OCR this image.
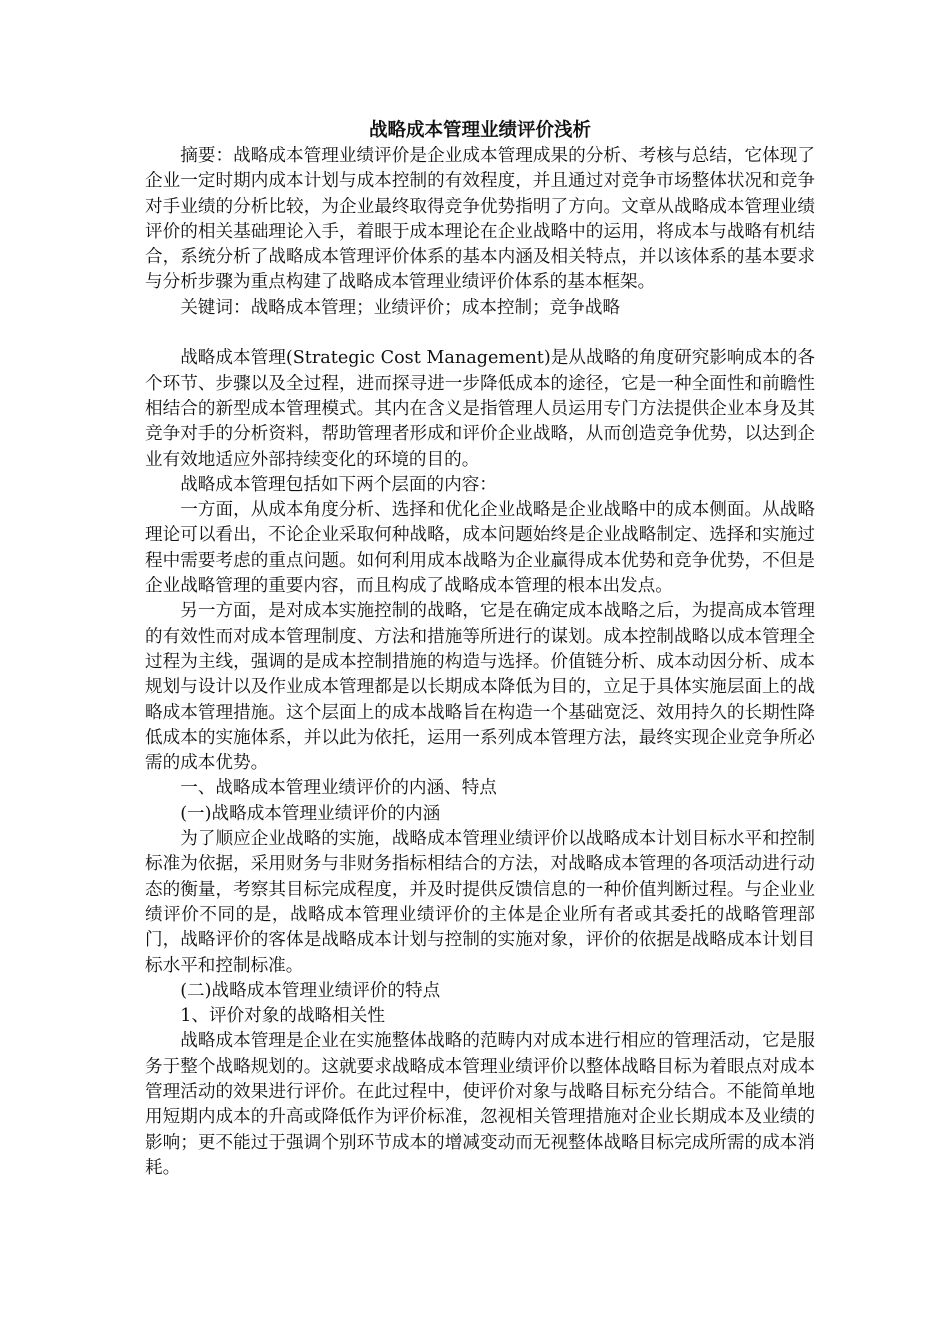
战略成本管理业绩评价浅析

摘要：战略成本管理业绩评价是企业成本管理成果的分析、考核与总结，它体现了企业一定时期内成本计划与成本控制的有效程度，并且通过对竞争市场整体状况和竞争对手业绩的分析比较，为企业最终取得竞争优势指明了方向。文章从战略成本管理业绩评价的相关基础理论入手，着眼于成本理论在企业战略中的运用，将成本与战略有机结合，系统分析了战略成本管理评价体系的基本内涵及相关特点，并以该体系的基本要求与分析步骤为重点构建了战略成本管理业绩评价体系的基本框架。

关键词：战略成本管理；业绩评价；成本控制；竞争战略

战略成本管理(Strategic Cost Management)是从战略的角度研究影响成本的各个环节、步骤以及全过程，进而探寻进一步降低成本的途径，它是一种全面性和前瞻性相结合的新型成本管理模式。其内在含义是指管理人员运用专门方法提供企业本身及其竞争对手的分析资料，帮助管理者形成和评价企业战略，从而创造竞争优势，以达到企业有效地适应外部持续变化的环境的目的。

战略成本管理包括如下两个层面的内容：

一方面，从成本角度分析、选择和优化企业战略是企业战略中的成本侧面。从战略理论可以看出，不论企业采取何种战略，成本问题始终是企业战略制定、选择和实施过程中需要考虑的重点问题。如何利用成本战略为企业赢得成本优势和竞争优势，不但是企业战略管理的重要内容，而且构成了战略成本管理的根本出发点。

另一方面，是对成本实施控制的战略，它是在确定成本战略之后，为提高成本管理的有效性而对成本管理制度、方法和措施等所进行的谋划。成本控制战略以成本管理全过程为主线，强调的是成本控制措施的构造与选择。价值链分析、成本动因分析、成本规划与设计以及作业成本管理都是以长期成本降低为目的，立足于具体实施层面上的战略成本管理措施。这个层面上的成本战略旨在构造一个基础宽泛、效用持久的长期性降低成本的实施体系，并以此为依托，运用一系列成本管理方法，最终实现企业竞争所必需的成本优势。

一、战略成本管理业绩评价的内涵、特点

(一)战略成本管理业绩评价的内涵

为了顺应企业战略的实施，战略成本管理业绩评价以战略成本计划目标水平和控制标准为依据，采用财务与非财务指标相结合的方法，对战略成本管理的各项活动进行动态的衡量，考察其目标完成程度，并及时提供反馈信息的一种价值判断过程。与企业业绩评价不同的是，战略成本管理业绩评价的主体是企业所有者或其委托的战略管理部门，战略评价的客体是战略成本计划与控制的实施对象，评价的依据是战略成本计划目标水平和控制标准。

(二)战略成本管理业绩评价的特点

1、评价对象的战略相关性

战略成本管理是企业在实施整体战略的范畴内对成本进行相应的管理活动，它是服务于整个战略规划的。这就要求战略成本管理业绩评价以整体战略目标为着眼点对成本管理活动的效果进行评价。在此过程中，使评价对象与战略目标充分结合。不能简单地用短期内成本的升高或降低作为评价标准，忽视相关管理措施对企业长期成本及业绩的影响；更不能过于强调个别环节成本的增减变动而无视整体战略目标完成所需的成本消耗。
